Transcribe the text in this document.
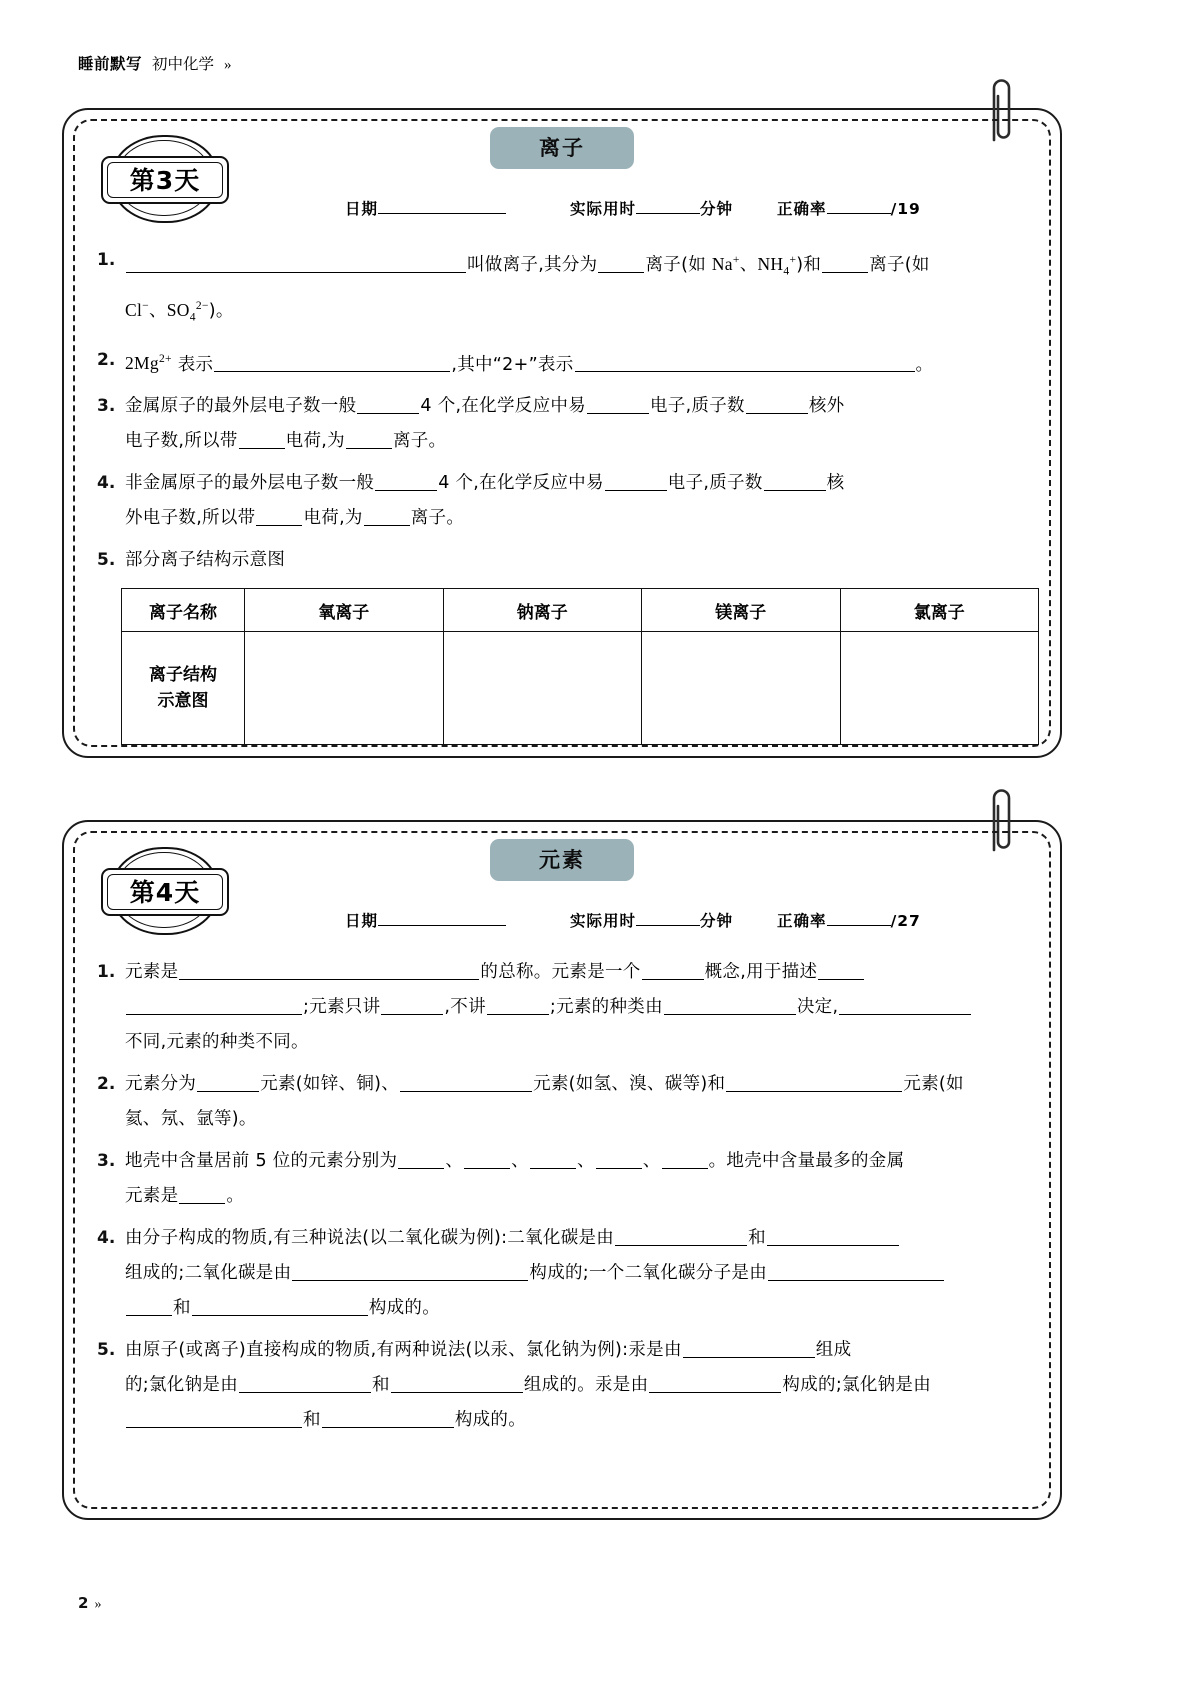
睡前默写 初中化学 »
离子
第3天
日期	实际用时	分钟	正确率	/19
1.	叫做离子,其分为	离子(如 Na+、$NH_4^+$)和	离子(如
Cl−、$SO_4^{2-}$)。
2. $2Mg^{2+}$ 表示	,其中“2+”表示	。
3. 金属原子的最外层电子数一般	4 个,在化学反应中易	电子,质子数	核外
电子数,所以带	电荷,为	离子。
4. 非金属原子的最外层电子数一般	4 个,在化学反应中易	电子,质子数	核
外电子数,所以带	电荷,为	离子。
5. 部分离子结构示意图
离子名称	氧离子	钠离子	镁离子	氯离子

离子结构
示意图				

元素
第4天
日期	实际用时	分钟	正确率	/27
1. 元素是	的总称。元素是一个	概念,用于描述
;元素只讲	,不讲	;元素的种类由	决定,
不同,元素的种类不同。
2. 元素分为	元素(如锌、铜)、	元素(如氢、溴、碳等)和	元素(如
氦、氖、氩等)。
3. 地壳中含量居前 5 位的元素分别为	、	、	、	、	。地壳中含量最多的金属
元素是	。
4. 由分子构成的物质,有三种说法(以二氧化碳为例):二氧化碳是由	和
组成的;二氧化碳是由	构成的;一个二氧化碳分子是由
和	构成的。
5. 由原子(或离子)直接构成的物质,有两种说法(以汞、氯化钠为例):汞是由	组成
的;氯化钠是由	和	组成的。汞是由	构成的;氯化钠是由
和	构成的。
2 »
